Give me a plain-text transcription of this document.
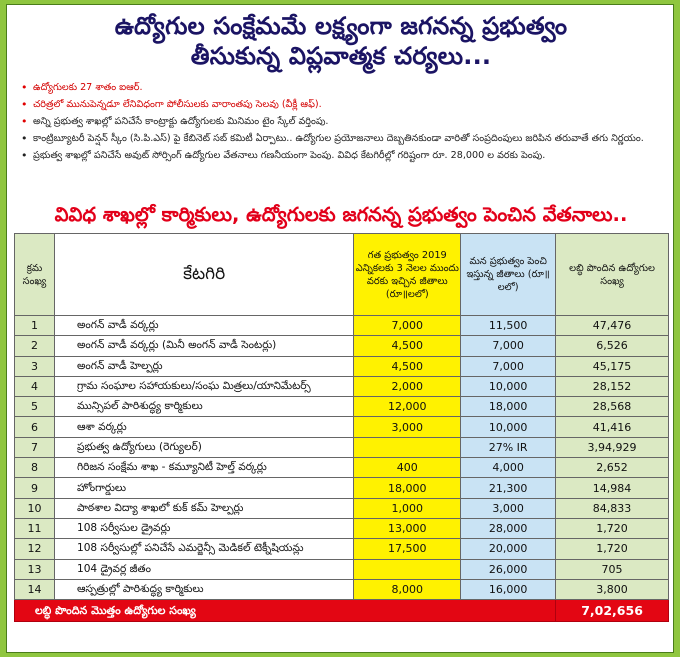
ఉద్యోగుల సంక్షేమమే లక్ష్యంగా జగనన్న ప్రభుత్వం
తీసుకున్న విప్లవాత్మక చర్యలు...
• ఉద్యోగులకు 27 శాతం ఐఆర్.
• చరిత్రలో మునుపెన్నడూ లేనివిధంగా పోలీసులకు వారాంతపు సెలవు (వీక్లీ ఆఫ్).
• అన్ని ప్రభుత్వ శాఖల్లో పనిచేసే కాంట్రాక్టు ఉద్యోగులకు మినిమం టైం స్కేల్ వర్తింపు.
• కాంట్రిబ్యూటరీ పెన్షన్ స్కీం (సి.పి.ఎస్) పై కేబినెట్ సబ్ కమిటీ ఏర్పాటు.. ఉద్యోగుల ప్రయోజనాలు దెబ్బతినకుండా వారితో సంప్రదింపులు జరిపిన తరువాతే తగు నిర్ణయం.
• ప్రభుత్వ శాఖల్లో పనిచేసే అవుట్ సోర్సింగ్ ఉద్యోగుల వేతనాలు గణనీయంగా పెంపు. వివిధ కేటగిరీల్లో గరిష్టంగా రూ. 28,000 ల వరకు పెంపు.
వివిధ శాఖల్లో కార్మికులు, ఉద్యోగులకు జగనన్న ప్రభుత్వం పెంచిన వేతనాలు..
క్రమ సంఖ్య	కేటగిరి	గత ప్రభుత్వం 2019 ఎన్నికలకు 3 నెలల ముందు వరకు ఇచ్చిన జీతాలు (రూ॥లలో)	మన ప్రభుత్వం పెంచి ఇస్తున్న జీతాలు (రూ॥లలో)	లబ్ధి పొందిన ఉద్యోగుల సంఖ్య
1	అంగన్ వాడీ వర్కర్లు	7,000	11,500	47,476
2	అంగన్ వాడీ వర్కర్లు (మినీ అంగన్ వాడీ సెంటర్లు)	4,500	7,000	6,526
3	అంగన్ వాడీ హెల్పర్లు	4,500	7,000	45,175
4	గ్రామ సంఘాల సహాయకులు/సంఘ మిత్రలు/యానిమేటర్స్	2,000	10,000	28,152
5	మున్సిపల్ పారిశుద్ధ్య కార్మికులు	12,000	18,000	28,568
6	ఆశా వర్కర్లు	3,000	10,000	41,416
7	ప్రభుత్వ ఉద్యోగులు (రెగ్యులర్)		27% IR	3,94,929
8	గిరిజన సంక్షేమ శాఖ - కమ్యూనిటీ హెల్త్ వర్కర్లు	400	4,000	2,652
9	హోంగార్డులు	18,000	21,300	14,984
10	పాఠశాల విద్యా శాఖలో కుక్ కమ్ హెల్పర్లు	1,000	3,000	84,833
11	108 సర్వీసుల డ్రైవర్లు	13,000	28,000	1,720
12	108 సర్వీసుల్లో పనిచేసే ఎమర్జెన్సీ మెడికల్ టెక్నీషియన్లు	17,500	20,000	1,720
13	104 డ్రైవర్ల జీతం		26,000	705
14	ఆస్పత్రుల్లో పారిశుద్ధ్య కార్మికులు	8,000	16,000	3,800
లబ్ధి పొందిన మొత్తం ఉద్యోగుల సంఖ్య				7,02,656
